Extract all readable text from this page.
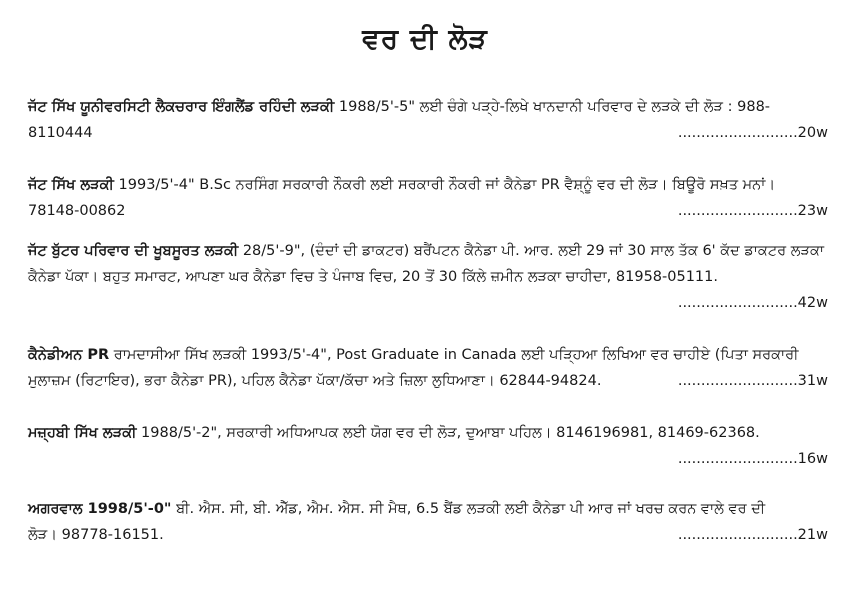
ਵਰ ਦੀ ਲੋੜ
ਜੱਟ ਸਿੱਖ ਯੂਨੀਵਰਸਿਟੀ ਲੈਕਚਰਾਰ ਇੰਗਲੈਂਡ ਰਹਿੰਦੀ ਲੜਕੀ 1988/5'-5" ਲਈ ਚੰਗੇ ਪੜ੍ਹੇ-ਲਿਖੇ ਖਾਨਦਾਨੀ ਪਰਿਵਾਰ ਦੇ ਲੜਕੇ ਦੀ ਲੋੜ : 988-
8110444	..........................20w
ਜੱਟ ਸਿੱਖ ਲੜਕੀ 1993/5'-4" B.Sc ਨਰਸਿੰਗ ਸਰਕਾਰੀ ਨੌਕਰੀ ਲਈ ਸਰਕਾਰੀ ਨੌਕਰੀ ਜਾਂ ਕੈਨੇਡਾ PR ਵੈਸ਼੍ਨੂੰ ਵਰ ਦੀ ਲੋੜ। ਬਿਊਰੋ ਸਖ਼ਤ ਮਨਾਂ।
78148-00862	..........................23w
ਜੱਟ ਬੁੱਟਰ ਪਰਿਵਾਰ ਦੀ ਖੂਬਸੂਰਤ ਲੜਕੀ 28/5'-9", (ਦੰਦਾਂ ਦੀ ਡਾਕਟਰ) ਬਰੈਂਪਟਨ ਕੈਨੇਡਾ ਪੀ. ਆਰ. ਲਈ 29 ਜਾਂ 30 ਸਾਲ ਤੱਕ 6' ਕੱਦ ਡਾਕਟਰ ਲੜਕਾ ਕੈਨੇਡਾ ਪੱਕਾ। ਬਹੁਤ ਸਮਾਰਟ, ਆਪਣਾ ਘਰ ਕੈਨੇਡਾ ਵਿਚ ਤੇ ਪੰਜਾਬ ਵਿਚ, 20 ਤੋਂ 30 ਕਿੱਲੇ ਜ਼ਮੀਨ ਲੜਕਾ ਚਾਹੀਦਾ, 81958-05111.
..........................42w
ਕੈਨੇਡੀਅਨ PR ਰਾਮਦਾਸੀਆ ਸਿੱਖ ਲੜਕੀ 1993/5'-4", Post Graduate in Canada ਲਈ ਪੜ੍ਹਿਆ ਲਿਖਿਆ ਵਰ ਚਾਹੀਏ (ਪਿਤਾ ਸਰਕਾਰੀ
ਮੁਲਾਜ਼ਮ (ਰਿਟਾਇਰ), ਭਰਾ ਕੈਨੇਡਾ PR), ਪਹਿਲ ਕੈਨੇਡਾ ਪੱਕਾ/ਕੱਚਾ ਅਤੇ ਜ਼ਿਲਾ ਲੁਧਿਆਣਾ। 62844-94824.	..........................31w
ਮਜ਼੍ਹਬੀ ਸਿੱਖ ਲੜਕੀ 1988/5'-2", ਸਰਕਾਰੀ ਅਧਿਆਪਕ ਲਈ ਯੋਗ ਵਰ ਦੀ ਲੋੜ, ਦੁਆਬਾ ਪਹਿਲ। 8146196981, 81469-62368.
..........................16w
ਅਗਰਵਾਲ 1998/5'-0" ਬੀ. ਐਸ. ਸੀ, ਬੀ. ਐੱਡ, ਐਮ. ਐਸ. ਸੀ ਮੈਥ, 6.5 ਬੈਂਡ ਲੜਕੀ ਲਈ ਕੈਨੇਡਾ ਪੀ ਆਰ ਜਾਂ ਖਰਚ ਕਰਨ ਵਾਲੇ ਵਰ ਦੀ
ਲੋੜ। 98778-16151.	..........................21w
